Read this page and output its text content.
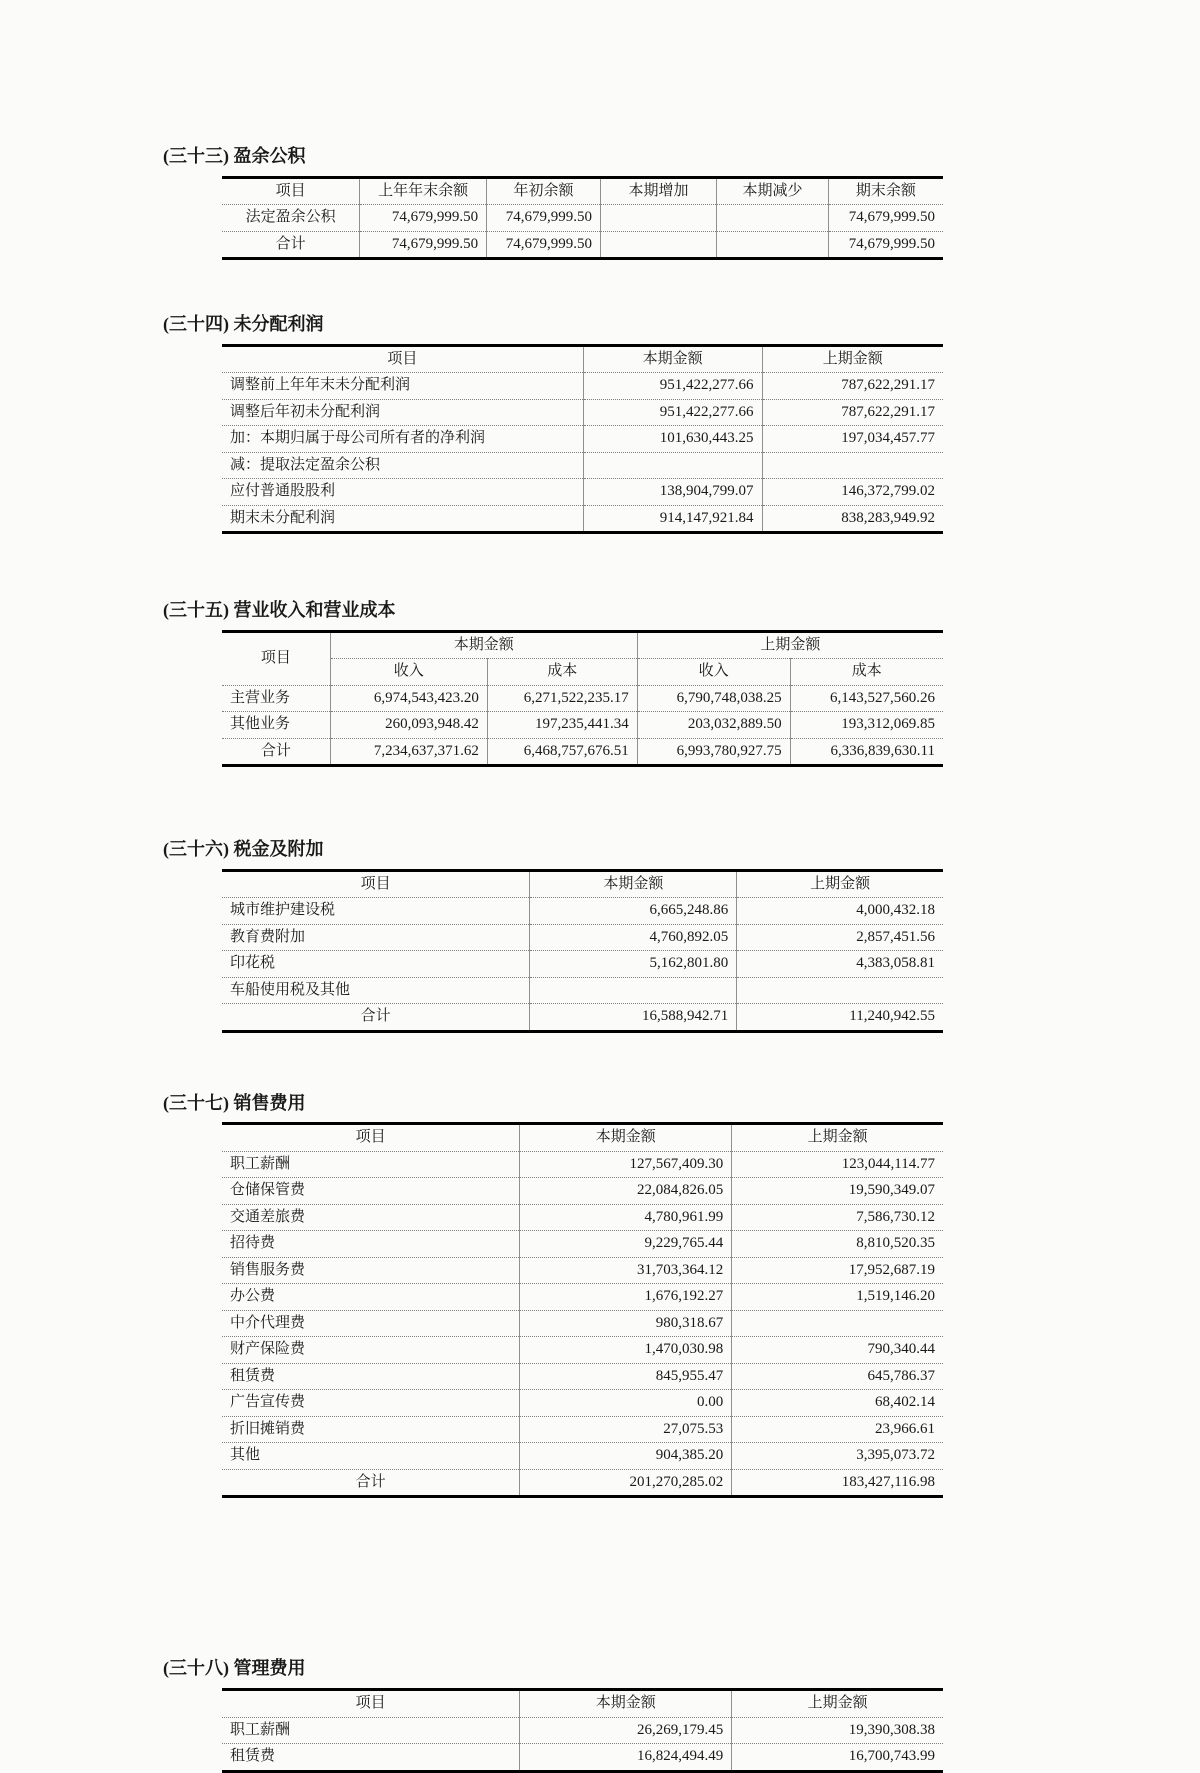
(三十三) 盈余公积
项目	上年年末余额	年初余额	本期增加	本期减少	期末余额
法定盈余公积	74,679,999.50	74,679,999.50			74,679,999.50
合计	74,679,999.50	74,679,999.50			74,679,999.50
(三十四) 未分配利润
项目	本期金额	上期金额
调整前上年年末未分配利润	951,422,277.66	787,622,291.17
调整后年初未分配利润	951,422,277.66	787,622,291.17
加：本期归属于母公司所有者的净利润	101,630,443.25	197,034,457.77
减：提取法定盈余公积		
应付普通股股利	138,904,799.07	146,372,799.02
期末未分配利润	914,147,921.84	838,283,949.92
(三十五) 营业收入和营业成本
项目	本期金额		上期金额	
	收入	成本	收入	成本
主营业务	6,974,543,423.20	6,271,522,235.17	6,790,748,038.25	6,143,527,560.26
其他业务	260,093,948.42	197,235,441.34	203,032,889.50	193,312,069.85
合计	7,234,637,371.62	6,468,757,676.51	6,993,780,927.75	6,336,839,630.11
(三十六) 税金及附加
项目	本期金额	上期金额
城市维护建设税	6,665,248.86	4,000,432.18
教育费附加	4,760,892.05	2,857,451.56
印花税	5,162,801.80	4,383,058.81
车船使用税及其他		
合计	16,588,942.71	11,240,942.55
(三十七) 销售费用
项目	本期金额	上期金额
职工薪酬	127,567,409.30	123,044,114.77
仓储保管费	22,084,826.05	19,590,349.07
交通差旅费	4,780,961.99	7,586,730.12
招待费	9,229,765.44	8,810,520.35
销售服务费	31,703,364.12	17,952,687.19
办公费	1,676,192.27	1,519,146.20
中介代理费	980,318.67	
财产保险费	1,470,030.98	790,340.44
租赁费	845,955.47	645,786.37
广告宣传费	0.00	68,402.14
折旧摊销费	27,075.53	23,966.61
其他	904,385.20	3,395,073.72
合计	201,270,285.02	183,427,116.98
(三十八) 管理费用
项目	本期金额	上期金额
职工薪酬	26,269,179.45	19,390,308.38
租赁费	16,824,494.49	16,700,743.99
